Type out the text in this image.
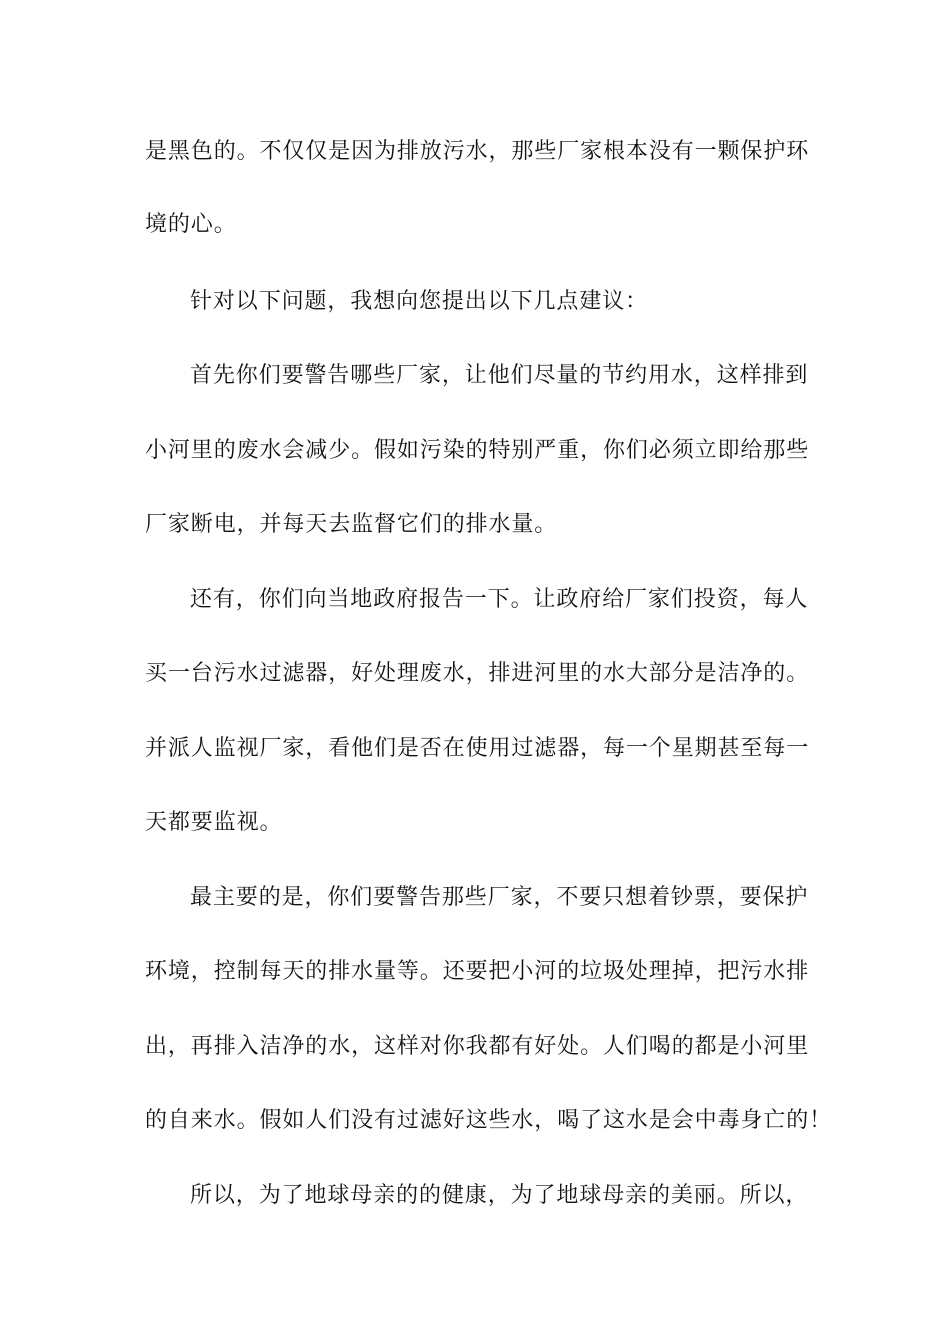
是黑色的。不仅仅是因为排放污水，那些厂家根本没有一颗保护环
境的心。
针对以下问题，我想向您提出以下几点建议：
首先你们要警告哪些厂家，让他们尽量的节约用水，这样排到
小河里的废水会减少。假如污染的特别严重，你们必须立即给那些
厂家断电，并每天去监督它们的排水量。
还有，你们向当地政府报告一下。让政府给厂家们投资，每人
买一台污水过滤器，好处理废水，排进河里的水大部分是洁净的。
并派人监视厂家，看他们是否在使用过滤器，每一个星期甚至每一
天都要监视。
最主要的是，你们要警告那些厂家，不要只想着钞票，要保护
环境，控制每天的排水量等。还要把小河的垃圾处理掉，把污水排
出，再排入洁净的水，这样对你我都有好处。人们喝的都是小河里
的自来水。假如人们没有过滤好这些水，喝了这水是会中毒身亡的！
所以，为了地球母亲的的健康，为了地球母亲的美丽。所以，
